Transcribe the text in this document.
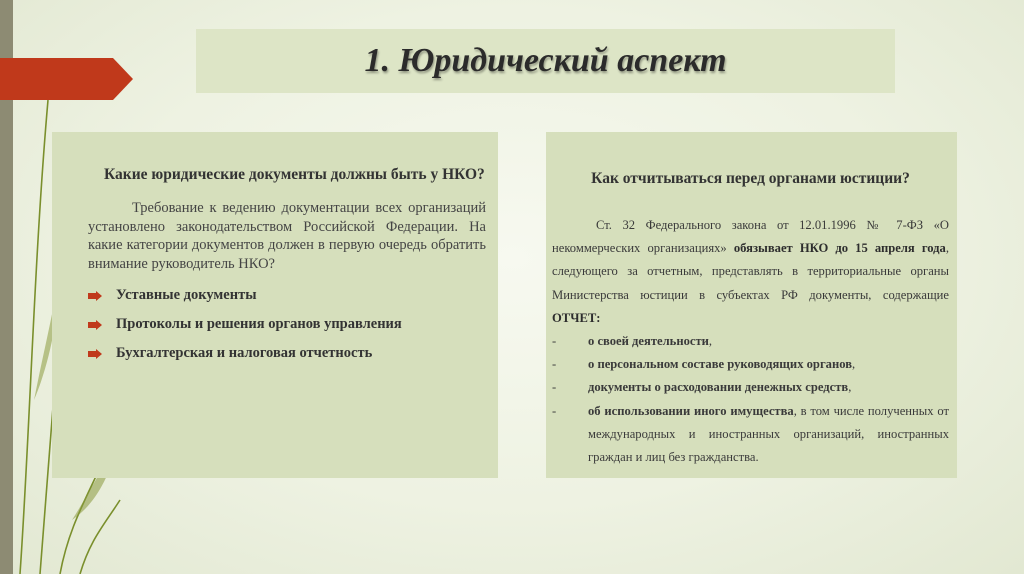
1. Юридический аспект
Какие юридические документы должны быть у НКО?

Требование к ведению документации всех организаций установлено законодательством Российской Федерации. На какие категории документов должен в первую очередь обратить внимание руководитель НКО?

Уставные документы
Протоколы и решения органов управления
Бухгалтерская и налоговая отчетность
Как отчитываться перед органами юстиции?

Ст. 32 Федерального закона от 12.01.1996 № 7-ФЗ «О некоммерческих организациях» обязывает НКО до 15 апреля года, следующего за отчетным, представлять в территориальные органы Министерства юстиции в субъектах РФ документы, содержащие ОТЧЕТ:

-	о своей деятельности,
-	о персональном составе руководящих органов,
-	документы о расходовании денежных средств,
-	об использовании иного имущества, в том числе полученных от международных и иностранных организаций, иностранных граждан и лиц без гражданства.
